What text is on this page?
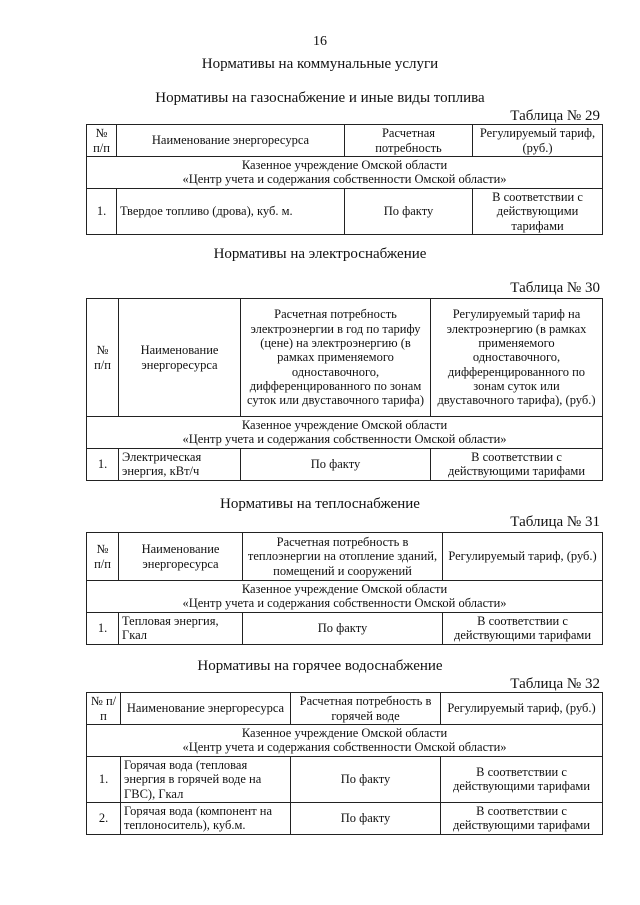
16
Нормативы на коммунальные услуги
Нормативы на газоснабжение и иные виды топлива
Таблица № 29
№ п/п	Наименование энергоресурса	Расчетная потребность	Регулируемый тариф, (руб.)

Казенное учреждение Омской области
«Центр учета и содержания собственности Омской области»			

1.	Твердое топливо (дрова), куб. м.	По факту	В соответствии с действующими тарифами
Нормативы на электроснабжение
Таблица № 30
№ п/п	Наименование энергоресурса	Расчетная потребность электроэнергии в год по тарифу (цене) на электроэнергию (в рамках применяемого одноставочного, дифференцированного по зонам суток или двуставочного тарифа)	Регулируемый тариф на электроэнергию (в рамках применяемого одноставочного, дифференцированного по зонам суток или двуставочного тарифа), (руб.)

Казенное учреждение Омской области
«Центр учета и содержания собственности Омской области»			

1.	Электрическая энергия, кВт/ч	По факту	В соответствии с действующими тарифами
Нормативы на теплоснабжение
Таблица № 31
№ п/п	Наименование энергоресурса	Расчетная потребность в теплоэнергии на отопление зданий, помещений и сооружений	Регулируемый тариф, (руб.)

Казенное учреждение Омской области
«Центр учета и содержания собственности Омской области»			

1.	Тепловая энергия, Гкал	По факту	В соответствии с действующими тарифами
Нормативы на горячее водоснабжение
Таблица № 32
№ п/п	Наименование энергоресурса	Расчетная потребность в горячей воде	Регулируемый тариф, (руб.)

Казенное учреждение Омской области
«Центр учета и содержания собственности Омской области»			

1.	Горячая вода (тепловая энергия в горячей воде на ГВС), Гкал	По факту	В соответствии с действующими тарифами
2.	Горячая вода (компонент на теплоноситель), куб.м.	По факту	В соответствии с действующими тарифами
